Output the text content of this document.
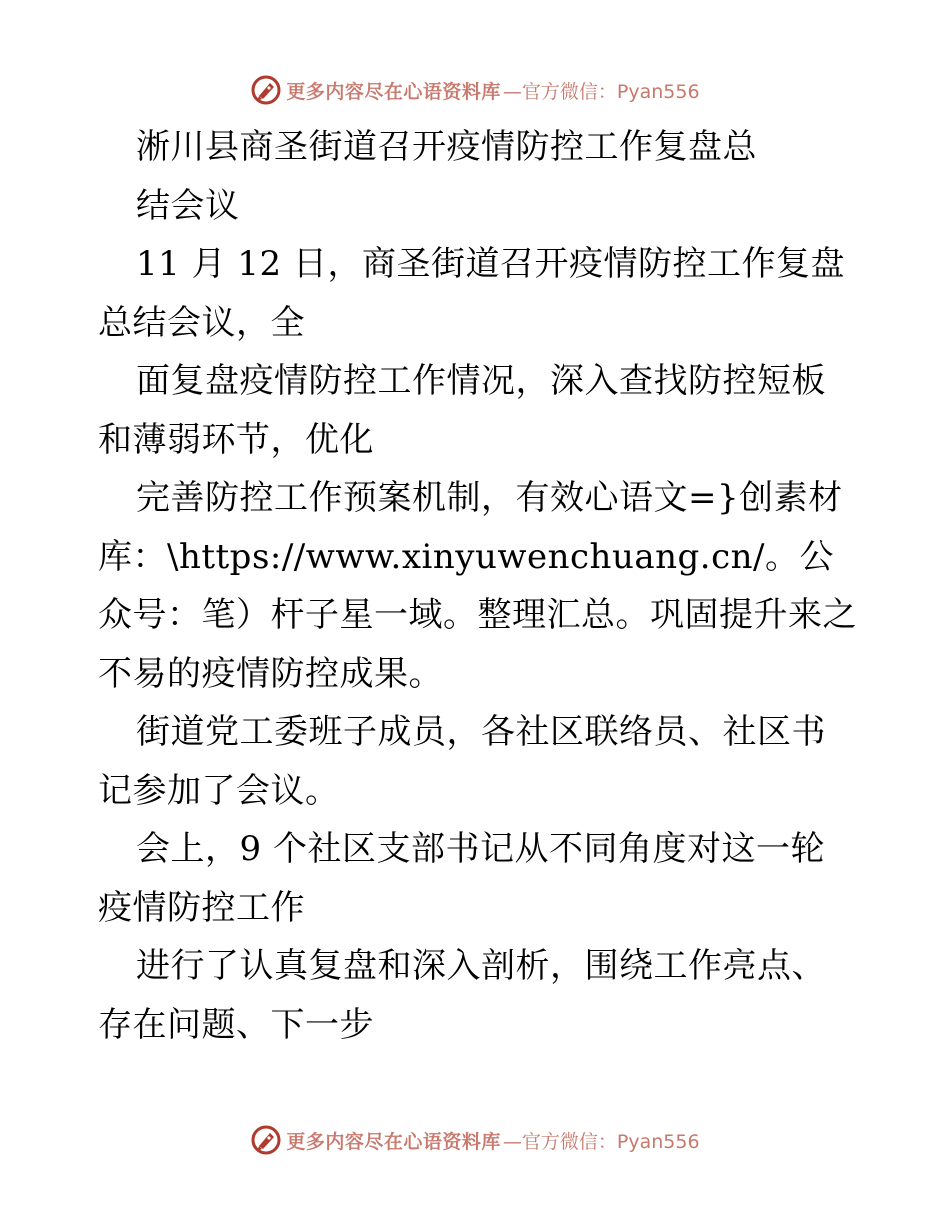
更多内容尽在心语资料库 —官方微信：Pyan556

淅川县商圣街道召开疫情防控工作复盘总

结会议

11 月 12 日，商圣街道召开疫情防控工作复盘总结会议，全

面复盘疫情防控工作情况，深入查找防控短板和薄弱环节，优化

完善防控工作预案机制，有效心语文=}创素材库：\https://www.xinyuwenchuang.cn/。公众号：笔）杆子星一域。整理汇总。巩固提升来之不易的疫情防控成果。

街道党工委班子成员，各社区联络员、社区书记参加了会议。

会上，9 个社区支部书记从不同角度对这一轮疫情防控工作

进行了认真复盘和深入剖析，围绕工作亮点、存在问题、下一步

更多内容尽在心语资料库 —官方微信：Pyan556
